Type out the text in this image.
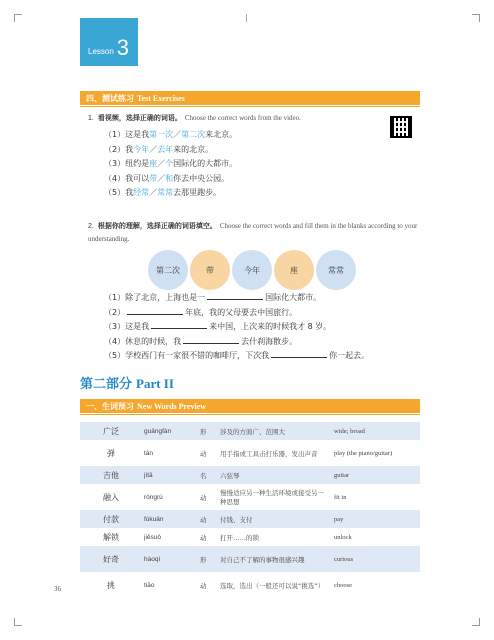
Lesson 3
四、测试练习 Test Exercises
1. 看视频，选择正确的词语。 Choose the correct words from the video.
（1）这是我第一次／第二次来北京。
（2）我今年／去年来的北京。
（3）纽约是座／个国际化的大都市。
（4）我可以带／和你去中央公园。
（5）我经常／常常去那里跑步。
2. 根据你的理解，选择正确的词语填空。 Choose the correct words and fill them in the blanks according to your understanding.
第二次	带	今年	座	常常
（1）除了北京，上海也是一	国际化大都市。
（2）	年底，我的父母要去中国旅行。
（3）这是我	来中国，上次来的时候我才 8 岁。
（4）休息的时候，我	去什刹海散步。
（5）学校西门有一家很不错的咖啡厅，下次我	你一起去。
第二部分 Part II
一、生词预习 New Words Preview
广泛	guǎngfàn	形	涉及的方面广、范围大	wide; broad
弹	tán	动	用手指或工具击打乐器，发出声音	play (the piano/guitar)
吉他	jítā	名	六弦琴	guitar
融入	róngrù	动	慢慢适应另一种生活环境或接受另一种思想	fit in
付款	fùkuǎn	动	付钱、支付	pay
解锁	jiěsuǒ	动	打开……的锁	unlock
好奇	hàoqí	形	对自己不了解的事物很感兴趣	curious
挑	tiāo	动	选取，选出（一般还可以说“挑选”）	choose
36
